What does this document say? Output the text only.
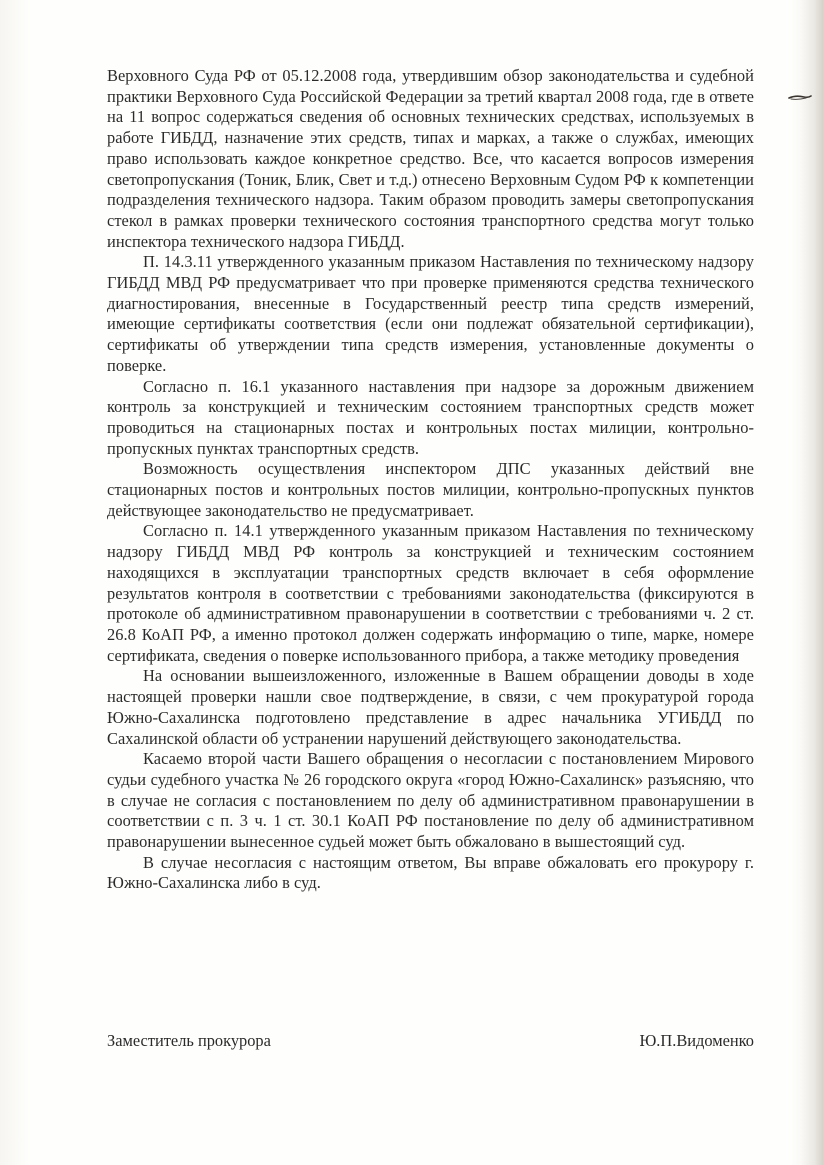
Верховного Суда РФ от 05.12.2008 года, утвердившим обзор законодательства и судебной практики Верховного Суда Российской Федерации за третий квартал 2008 года, где в ответе на 11 вопрос содержаться сведения об основных технических средствах, используемых в работе ГИБДД, назначение этих средств, типах и марках, а также о службах, имеющих право использовать каждое конкретное средство. Все, что касается вопросов измерения светопропускания (Тоник, Блик, Свет и т.д.) отнесено Верховным Судом РФ к компетенции подразделения технического надзора. Таким образом проводить замеры светопропускания стекол в рамках проверки технического состояния транспортного средства могут только инспектора технического надзора ГИБДД.

П. 14.3.11 утвержденного указанным приказом Наставления по техническому надзору ГИБДД МВД РФ предусматривает что при проверке применяются средства технического диагностирования, внесенные в Государственный реестр типа средств измерений, имеющие сертификаты соответствия (если они подлежат обязательной сертификации), сертификаты об утверждении типа средств измерения, установленные документы о поверке.

Согласно п. 16.1 указанного наставления при надзоре за дорожным движением контроль за конструкцией и техническим состоянием транспортных средств может проводиться на стационарных постах и контрольных постах милиции, контрольно-пропускных пунктах транспортных средств.

Возможность осуществления инспектором ДПС указанных действий вне стационарных постов и контрольных постов милиции, контрольно-пропускных пунктов действующее законодательство не предусматривает.

Согласно п. 14.1 утвержденного указанным приказом Наставления по техническому надзору ГИБДД МВД РФ контроль за конструкцией и техническим состоянием находящихся в эксплуатации транспортных средств включает в себя оформление результатов контроля в соответствии с требованиями законодательства (фиксируются в протоколе об административном правонарушении в соответствии с требованиями ч. 2 ст. 26.8 КоАП РФ, а именно протокол должен содержать информацию о типе, марке, номере сертификата, сведения о поверке использованного прибора, а также методику проведения

На основании вышеизложенного, изложенные в Вашем обращении доводы в ходе настоящей проверки нашли свое подтверждение, в связи, с чем прокуратурой города Южно-Сахалинска подготовлено представление в адрес начальника УГИБДД по Сахалинской области об устранении нарушений действующего законодательства.

Касаемо второй части Вашего обращения о несогласии с постановлением Мирового судьи судебного участка № 26 городского округа «город Южно-Сахалинск» разъясняю, что в случае не согласия с постановлением по делу об административном правонарушении в соответствии с п. 3 ч. 1 ст. 30.1 КоАП РФ постановление по делу об административном правонарушении вынесенное судьей может быть обжаловано в вышестоящий суд.

В случае несогласия с настоящим ответом, Вы вправе обжаловать его прокурору г. Южно-Сахалинска либо в суд.

Заместитель прокурора	Ю.П.Видоменко
